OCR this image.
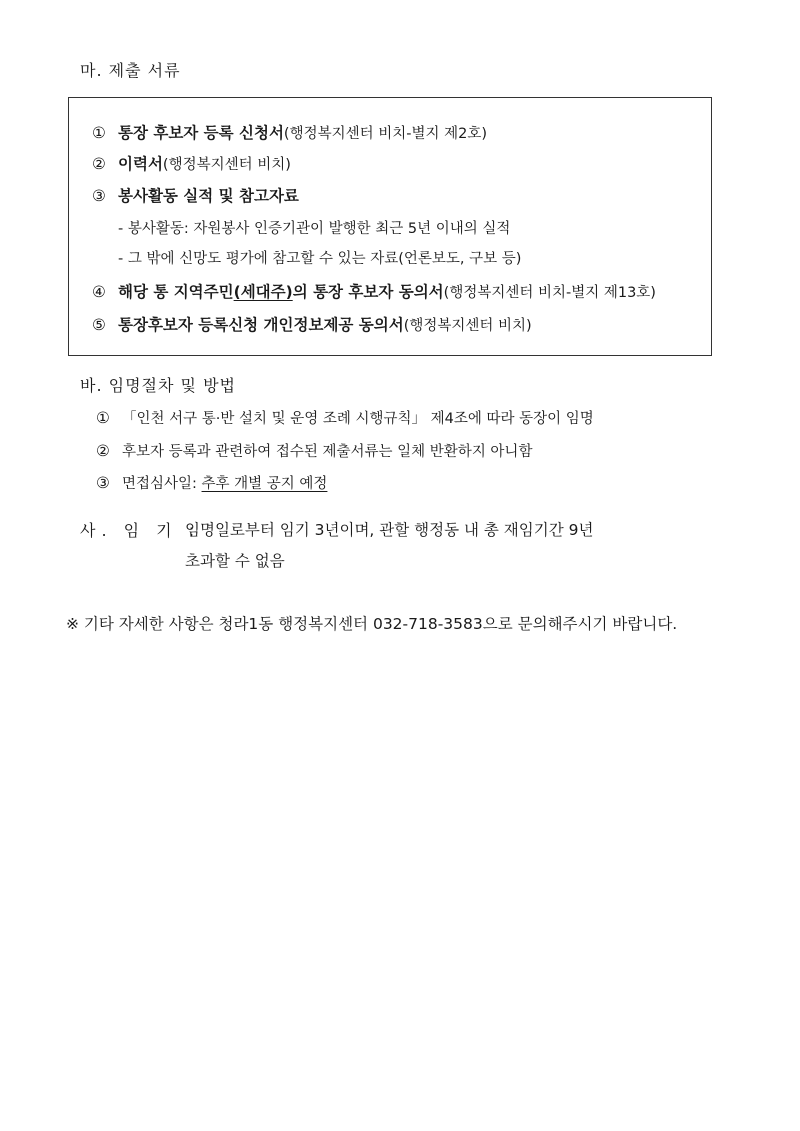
마. 제출 서류
① 통장 후보자 등록 신청서(행정복지센터 비치-별지 제2호)
② 이력서(행정복지센터 비치)
③ 봉사활동 실적 및 참고자료
- 봉사활동: 자원봉사 인증기관이 발행한 최근 5년 이내의 실적
- 그 밖에 신망도 평가에 참고할 수 있는 자료(언론보도, 구보 등)
④ 해당 통 지역주민(세대주)의 통장 후보자 동의서(행정복지센터 비치-별지 제13호)
⑤ 통장후보자 등록신청 개인정보제공 동의서(행정복지센터 비치)
바. 임명절차 및 방법
① 「인천 서구 통·반 설치 및 운영 조례 시행규칙」 제4조에 따라 동장이 임명
② 후보자 등록과 관련하여 접수된 제출서류는 일체 반환하지 아니함
③ 면접심사일: 추후 개별 공지 예정
사. 임 기 :
임명일로부터 임기 3년이며, 관할 행정동 내 총 재임기간 9년
초과할 수 없음
※ 기타 자세한 사항은 청라1동 행정복지센터 032-718-3583으로 문의해주시기 바랍니다.
